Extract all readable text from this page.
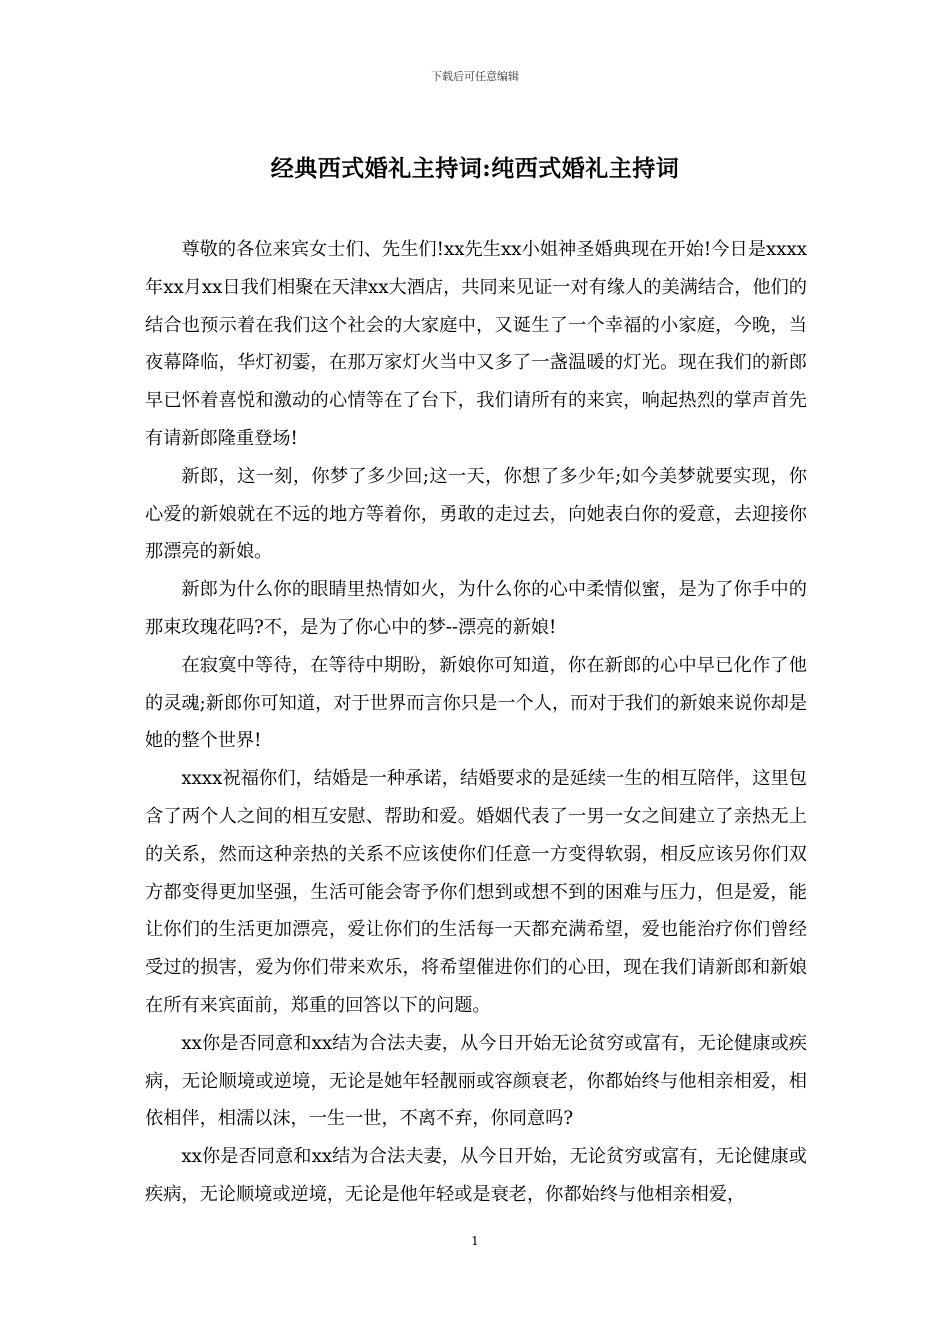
下载后可任意编辑
经典西式婚礼主持词:纯西式婚礼主持词

尊敬的各位来宾女士们、先生们!xx先生xx小姐神圣婚典现在开始!今日是xxxx年xx月xx日我们相聚在天津xx大酒店，共同来见证一对有缘人的美满结合，他们的结合也预示着在我们这个社会的大家庭中，又诞生了一个幸福的小家庭，今晚，当夜幕降临，华灯初霎，在那万家灯火当中又多了一盏温暖的灯光。现在我们的新郎早已怀着喜悦和激动的心情等在了台下，我们请所有的来宾，响起热烈的掌声首先有请新郎隆重登场!

新郎，这一刻，你梦了多少回;这一天，你想了多少年;如今美梦就要实现，你心爱的新娘就在不远的地方等着你，勇敢的走过去，向她表白你的爱意，去迎接你那漂亮的新娘。

新郎为什么你的眼睛里热情如火，为什么你的心中柔情似蜜，是为了你手中的那束玫瑰花吗?不，是为了你心中的梦--漂亮的新娘!

在寂寞中等待，在等待中期盼，新娘你可知道，你在新郎的心中早已化作了他的灵魂;新郎你可知道，对于世界而言你只是一个人，而对于我们的新娘来说你却是她的整个世界!

xxxx祝福你们，结婚是一种承诺，结婚要求的是延续一生的相互陪伴，这里包含了两个人之间的相互安慰、帮助和爱。婚姻代表了一男一女之间建立了亲热无上的关系，然而这种亲热的关系不应该使你们任意一方变得软弱，相反应该另你们双方都变得更加坚强，生活可能会寄予你们想到或想不到的困难与压力，但是爱，能让你们的生活更加漂亮，爱让你们的生活每一天都充满希望，爱也能治疗你们曾经受过的损害，爱为你们带来欢乐，将希望催进你们的心田，现在我们请新郎和新娘在所有来宾面前，郑重的回答以下的问题。

xx你是否同意和xx结为合法夫妻，从今日开始无论贫穷或富有，无论健康或疾病，无论顺境或逆境，无论是她年轻靓丽或容颜衰老，你都始终与他相亲相爱，相依相伴，相濡以沫，一生一世，不离不弃，你同意吗?

xx你是否同意和xx结为合法夫妻，从今日开始，无论贫穷或富有，无论健康或疾病，无论顺境或逆境，无论是他年轻或是衰老，你都始终与他相亲相爱，

1
